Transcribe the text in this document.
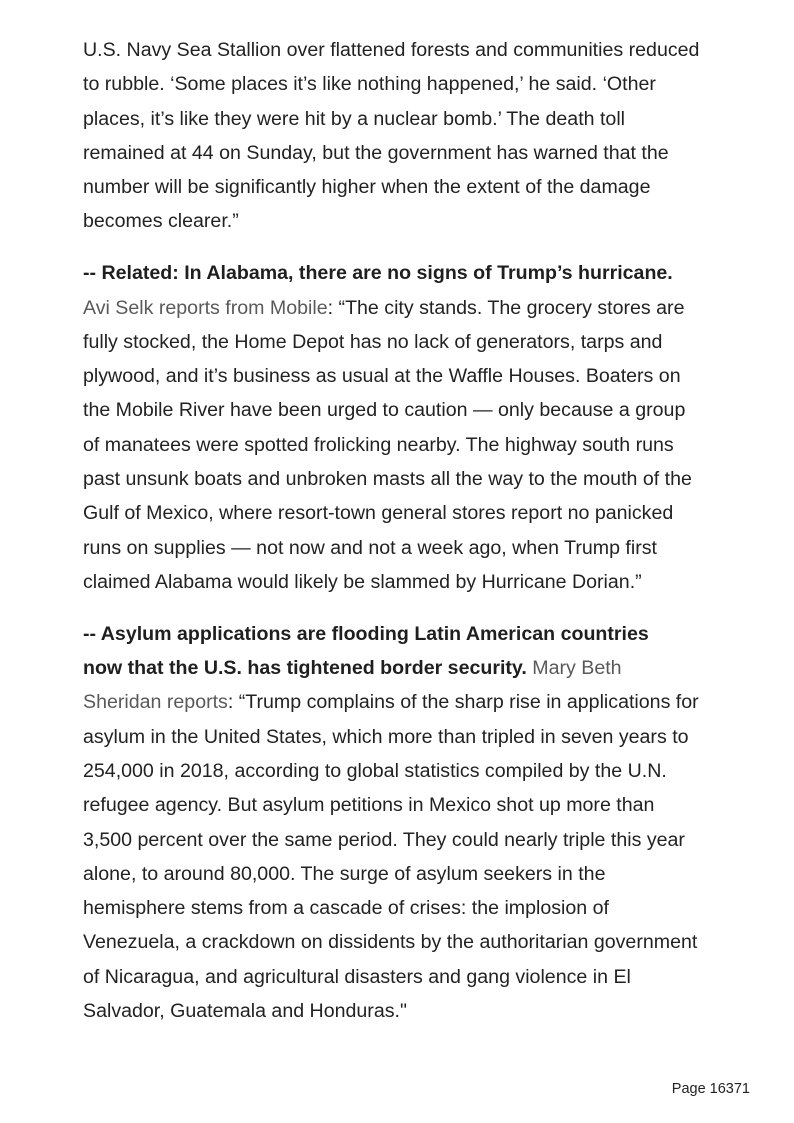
U.S. Navy Sea Stallion over flattened forests and communities reduced
to rubble. ‘Some places it’s like nothing happened,’ he said. ‘Other
places, it’s like they were hit by a nuclear bomb.’ The death toll
remained at 44 on Sunday, but the government has warned that the
number will be significantly higher when the extent of the damage
becomes clearer.”

-- Related: In Alabama, there are no signs of Trump’s hurricane.
Avi Selk reports from Mobile: “The city stands. The grocery stores are
fully stocked, the Home Depot has no lack of generators, tarps and
plywood, and it’s business as usual at the Waffle Houses. Boaters on
the Mobile River have been urged to caution — only because a group
of manatees were spotted frolicking nearby. The highway south runs
past unsunk boats and unbroken masts all the way to the mouth of the
Gulf of Mexico, where resort-town general stores report no panicked
runs on supplies — not now and not a week ago, when Trump first
claimed Alabama would likely be slammed by Hurricane Dorian.”

-- Asylum applications are flooding Latin American countries
now that the U.S. has tightened border security. Mary Beth
Sheridan reports: “Trump complains of the sharp rise in applications for
asylum in the United States, which more than tripled in seven years to
254,000 in 2018, according to global statistics compiled by the U.N.
refugee agency. But asylum petitions in Mexico shot up more than
3,500 percent over the same period. They could nearly triple this year
alone, to around 80,000. The surge of asylum seekers in the
hemisphere stems from a cascade of crises: the implosion of
Venezuela, a crackdown on dissidents by the authoritarian government
of Nicaragua, and agricultural disasters and gang violence in El
Salvador, Guatemala and Honduras."

Page 16371
